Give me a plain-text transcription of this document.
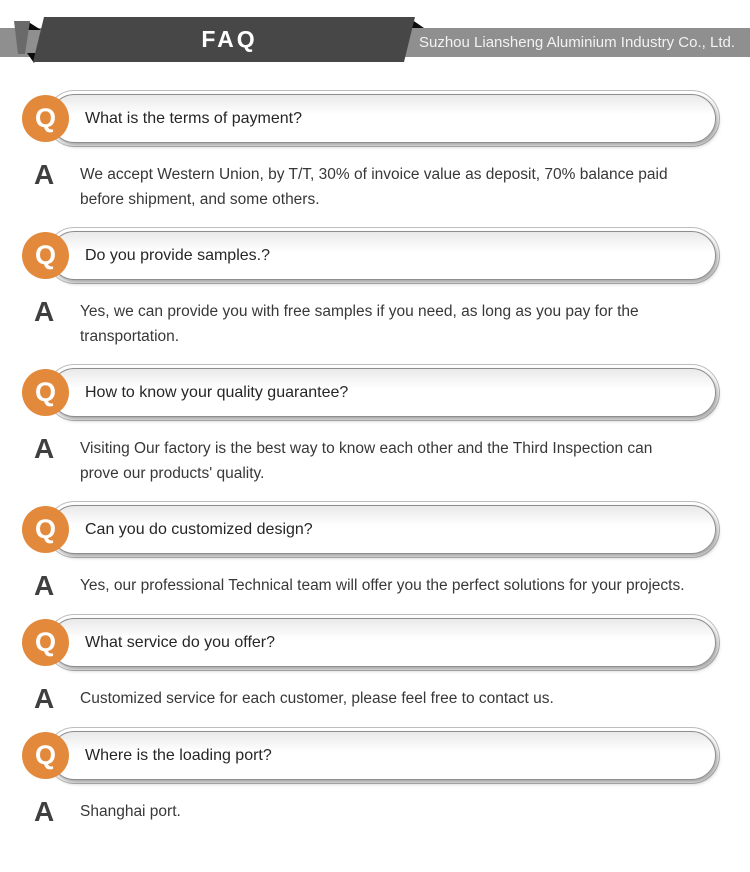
FAQ	Suzhou Liansheng Aluminium Industry Co., Ltd.
What is the terms of payment?
Q
A	We accept Western Union, by T/T, 30% of invoice value as deposit, 70% balance paid before shipment, and some others.
Do you provide samples.?
Q
A	Yes, we can provide you with free samples if you need, as long as you pay for the transportation.
How to know your quality guarantee?
Q
A	Visiting Our factory is the best way to know each other and the Third Inspection can prove our products' quality.
Can you do customized design?
Q
A	Yes, our professional Technical team will offer you the perfect solutions for your projects.
What service do you offer?
Q
A	Customized service for each customer, please feel free to contact us.
Where is the loading port?
Q
A	Shanghai port.
